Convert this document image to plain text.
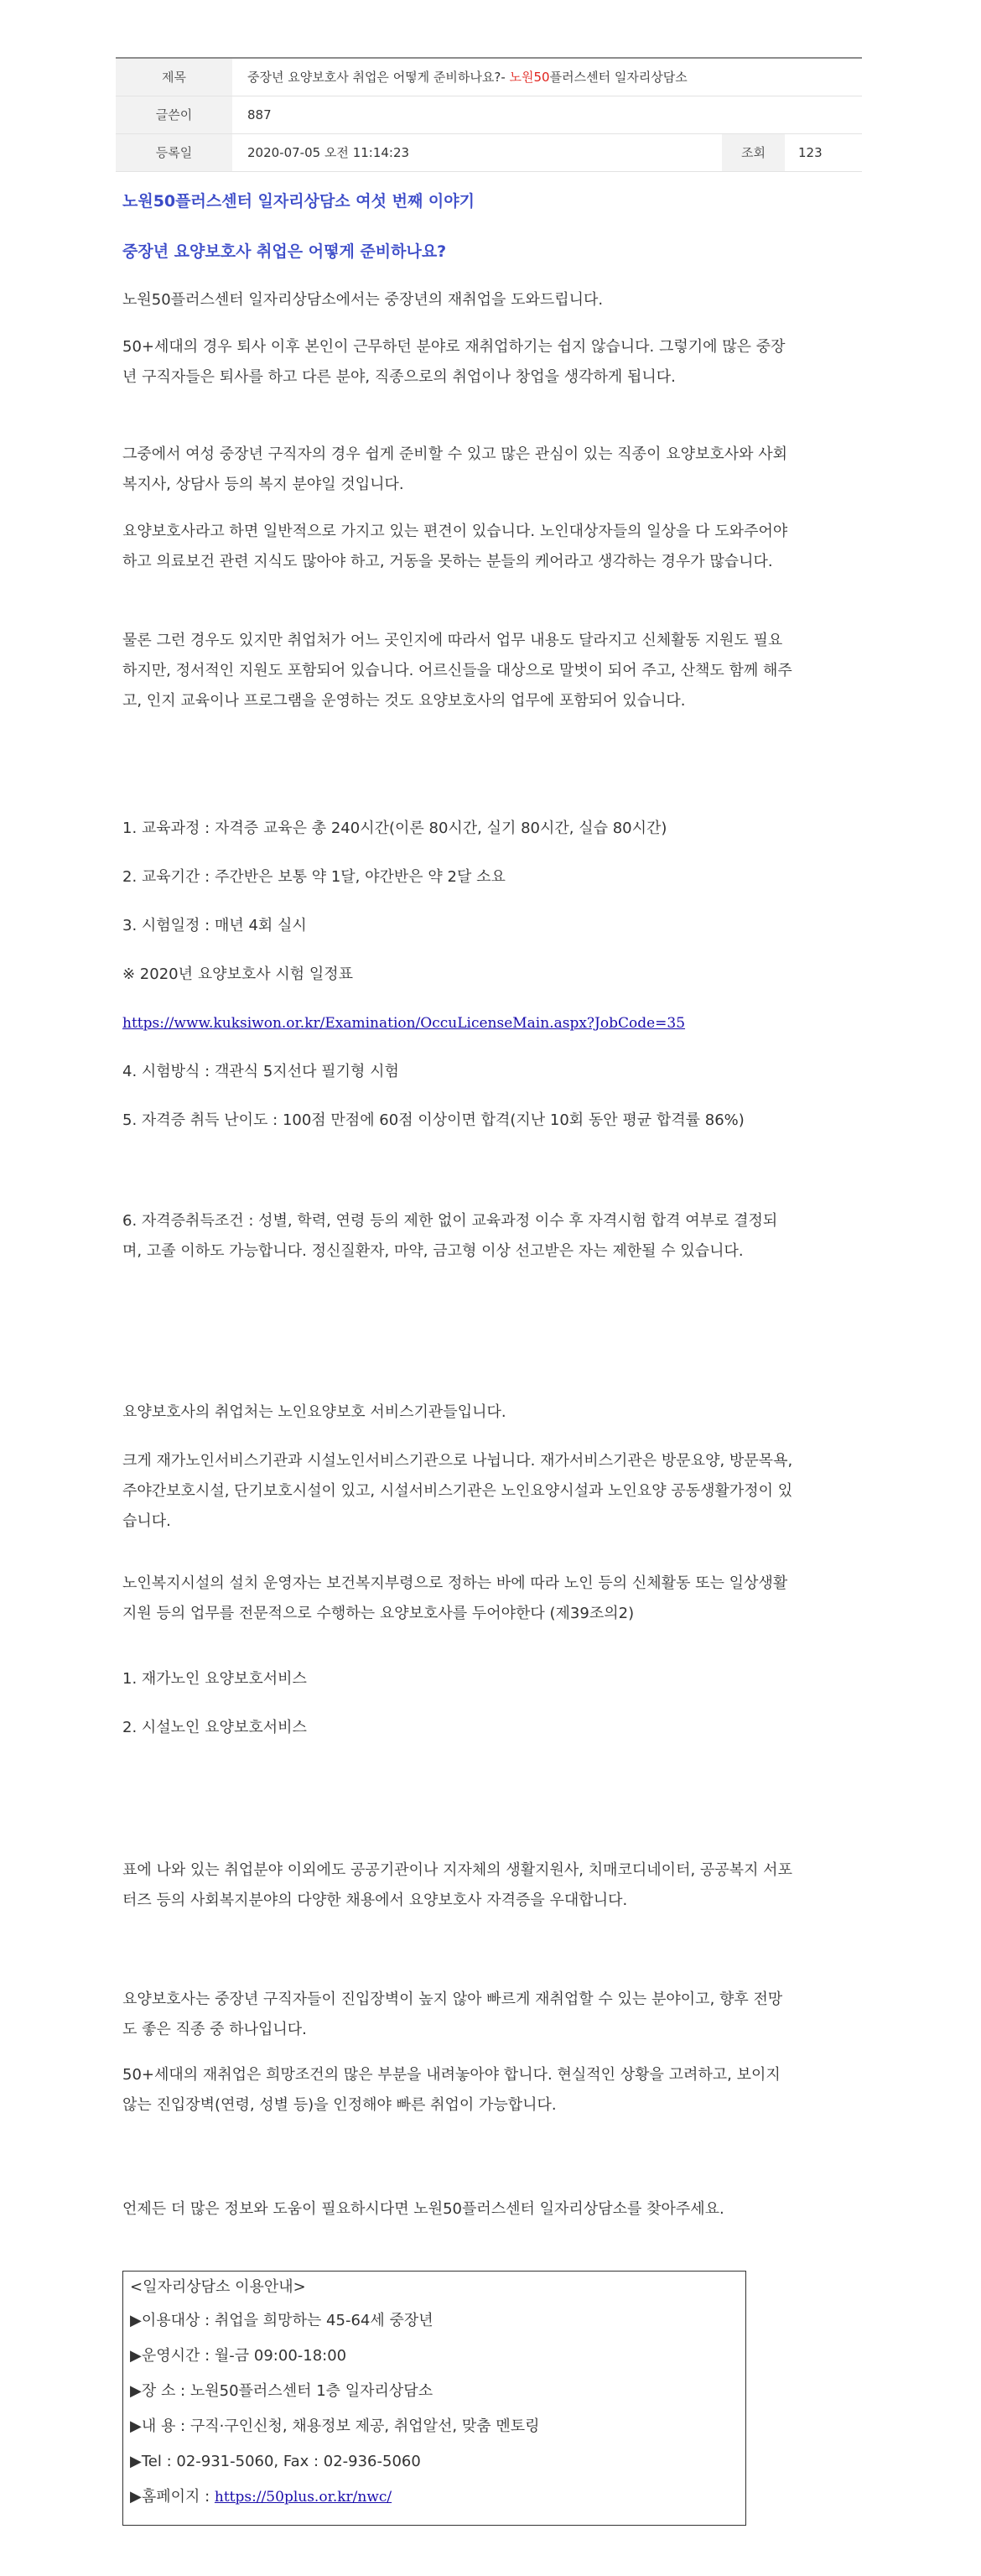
제목	중장년 요양보호사 취업은 어떻게 준비하나요?- 노원50플러스센터 일자리상담소		
글쓴이	887		
등록일	2020-07-05 오전 11:14:23	조회	123
노원50플러스센터 일자리상담소 여섯 번째 이야기
중장년 요양보호사 취업은 어떻게 준비하나요?
노원50플러스센터 일자리상담소에서는 중장년의 재취업을 도와드립니다.
50+세대의 경우 퇴사 이후 본인이 근무하던 분야로 재취업하기는 쉽지 않습니다. 그렇기에 많은 중장년 구직자들은 퇴사를 하고 다른 분야, 직종으로의 취업이나 창업을 생각하게 됩니다.
그중에서 여성 중장년 구직자의 경우 쉽게 준비할 수 있고 많은 관심이 있는 직종이 요양보호사와 사회복지사, 상담사 등의 복지 분야일 것입니다.
요양보호사라고 하면 일반적으로 가지고 있는 편견이 있습니다. 노인대상자들의 일상을 다 도와주어야 하고 의료보건 관련 지식도 많아야 하고, 거동을 못하는 분들의 케어라고 생각하는 경우가 많습니다.
물론 그런 경우도 있지만 취업처가 어느 곳인지에 따라서 업무 내용도 달라지고 신체활동 지원도 필요하지만, 정서적인 지원도 포함되어 있습니다. 어르신들을 대상으로 말벗이 되어 주고, 산책도 함께 해주고, 인지 교육이나 프로그램을 운영하는 것도 요양보호사의 업무에 포함되어 있습니다.
1. 교육과정 : 자격증 교육은 총 240시간(이론 80시간, 실기 80시간, 실습 80시간)
2. 교육기간 : 주간반은 보통 약 1달, 야간반은 약 2달 소요
3. 시험일정 : 매년 4회 실시
※ 2020년 요양보호사 시험 일정표
https://www.kuksiwon.or.kr/Examination/OccuLicenseMain.aspx?JobCode=35
4. 시험방식 : 객관식 5지선다 필기형 시험
5. 자격증 취득 난이도 : 100점 만점에 60점 이상이면 합격(지난 10회 동안 평균 합격률 86%)
6. 자격증취득조건 : 성별, 학력, 연령 등의 제한 없이 교육과정 이수 후 자격시험 합격 여부로 결정되며, 고졸 이하도 가능합니다. 정신질환자, 마약, 금고형 이상 선고받은 자는 제한될 수 있습니다.
요양보호사의 취업처는 노인요양보호 서비스기관들입니다.
크게 재가노인서비스기관과 시설노인서비스기관으로 나뉩니다. 재가서비스기관은 방문요양, 방문목욕, 주야간보호시설, 단기보호시설이 있고, 시설서비스기관은 노인요양시설과 노인요양 공동생활가정이 있습니다.
노인복지시설의 설치 운영자는 보건복지부령으로 정하는 바에 따라 노인 등의 신체활동 또는 일상생활지원 등의 업무를 전문적으로 수행하는 요양보호사를 두어야한다 (제39조의2)
1. 재가노인 요양보호서비스
2. 시설노인 요양보호서비스
표에 나와 있는 취업분야 이외에도 공공기관이나 지자체의 생활지원사, 치매코디네이터, 공공복지 서포터즈 등의 사회복지분야의 다양한 채용에서 요양보호사 자격증을 우대합니다.
요양보호사는 중장년 구직자들이 진입장벽이 높지 않아 빠르게 재취업할 수 있는 분야이고, 향후 전망도 좋은 직종 중 하나입니다.
50+세대의 재취업은 희망조건의 많은 부분을 내려놓아야 합니다. 현실적인 상황을 고려하고, 보이지 않는 진입장벽(연령, 성별 등)을 인정해야 빠른 취업이 가능합니다.
언제든 더 많은 정보와 도움이 필요하시다면 노원50플러스센터 일자리상담소를 찾아주세요.
<일자리상담소 이용안내>
▶이용대상 : 취업을 희망하는 45-64세 중장년
▶운영시간 : 월-금 09:00-18:00
▶장 소 : 노원50플러스센터 1층 일자리상담소
▶내 용 : 구직·구인신청, 채용정보 제공, 취업알선, 맞춤 멘토링
▶Tel : 02-931-5060, Fax : 02-936-5060
▶홈페이지 : https://50plus.or.kr/nwc/
